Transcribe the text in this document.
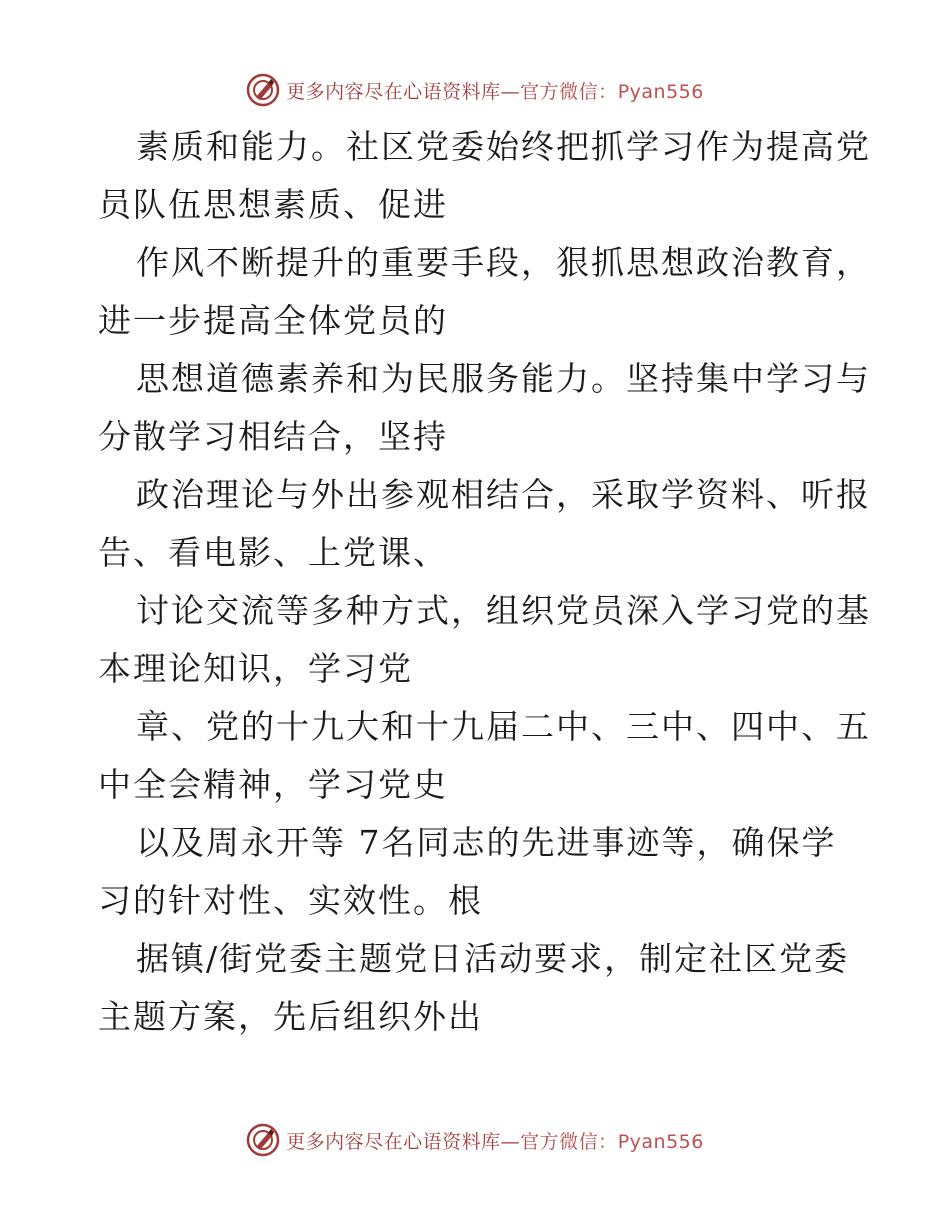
更多内容尽在心语资料库—官方微信：Pyan556

素质和能力。社区党委始终把抓学习作为提高党
员队伍思想素质、促进

作风不断提升的重要手段，狠抓思想政治教育，
进一步提高全体党员的

思想道德素养和为民服务能力。坚持集中学习与
分散学习相结合，坚持

政治理论与外出参观相结合，采取学资料、听报
告、看电影、上党课、

讨论交流等多种方式，组织党员深入学习党的基
本理论知识，学习党

章、党的十九大和十九届二中、三中、四中、五
中全会精神，学习党史

以及周永开等 7名同志的先进事迹等，确保学
习的针对性、实效性。根

据镇/街党委主题党日活动要求，制定社区党委
主题方案，先后组织外出

更多内容尽在心语资料库—官方微信：Pyan556
